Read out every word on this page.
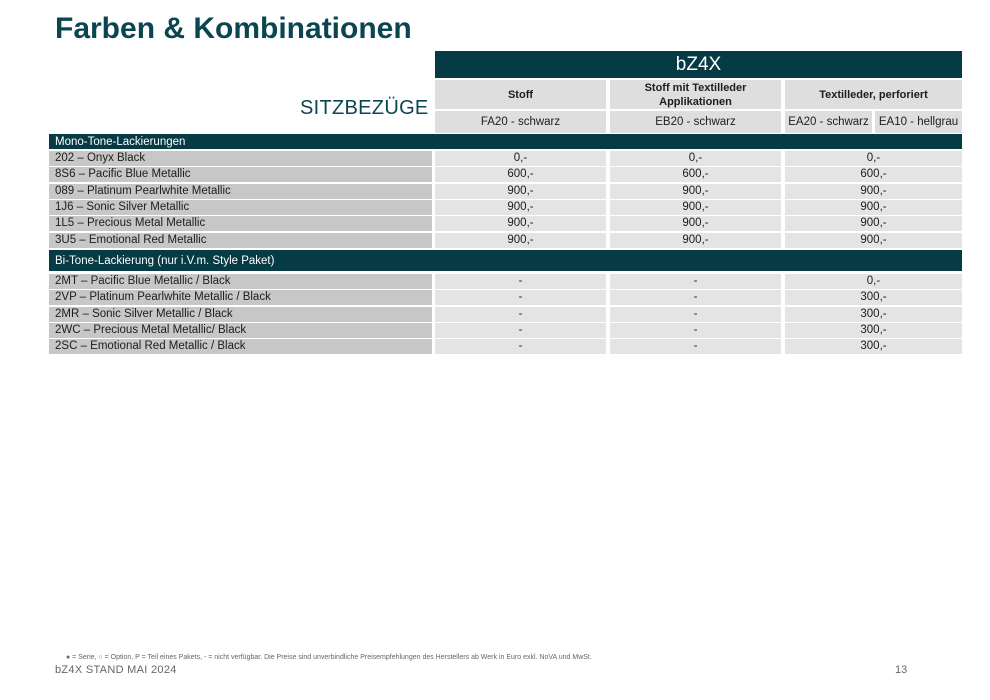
Farben & Kombinationen
bZ4X
Stoff
Stoff mit Textilleder Applikationen
Textilleder, perforiert
SITZBEZÜGE
FA20 - schwarz	EB20 - schwarz	EA20 - schwarz EA10 - hellgrau
Mono-Tone-Lackierungen
202 – Onyx Black	0,-	0,-	0,-
8S6 – Pacific Blue Metallic	600,-	600,-	600,-
089 – Platinum Pearlwhite Metallic	900,-	900,-	900,-
1J6 – Sonic Silver Metallic	900,-	900,-	900,-
1L5 – Precious Metal Metallic	900,-	900,-	900,-
3U5 – Emotional Red Metallic	900,-	900,-	900,-
Bi-Tone-Lackierung (nur i.V.m. Style Paket)
2MT – Pacific Blue Metallic / Black	-	-	0,-
2VP – Platinum Pearlwhite Metallic / Black	-	-	300,-
2MR – Sonic Silver Metallic / Black	-	-	300,-
2WC – Precious Metal Metallic/ Black	-	-	300,-
2SC – Emotional Red Metallic / Black	-	-	300,-
● = Serie, ○ = Option, P = Teil eines Pakets, - = nicht verfügbar. Die Preise sind unverbindliche Preisempfehlungen des Herstellers ab Werk in Euro exkl. NoVA und MwSt.
bZ4X STAND MAI 2024	13
